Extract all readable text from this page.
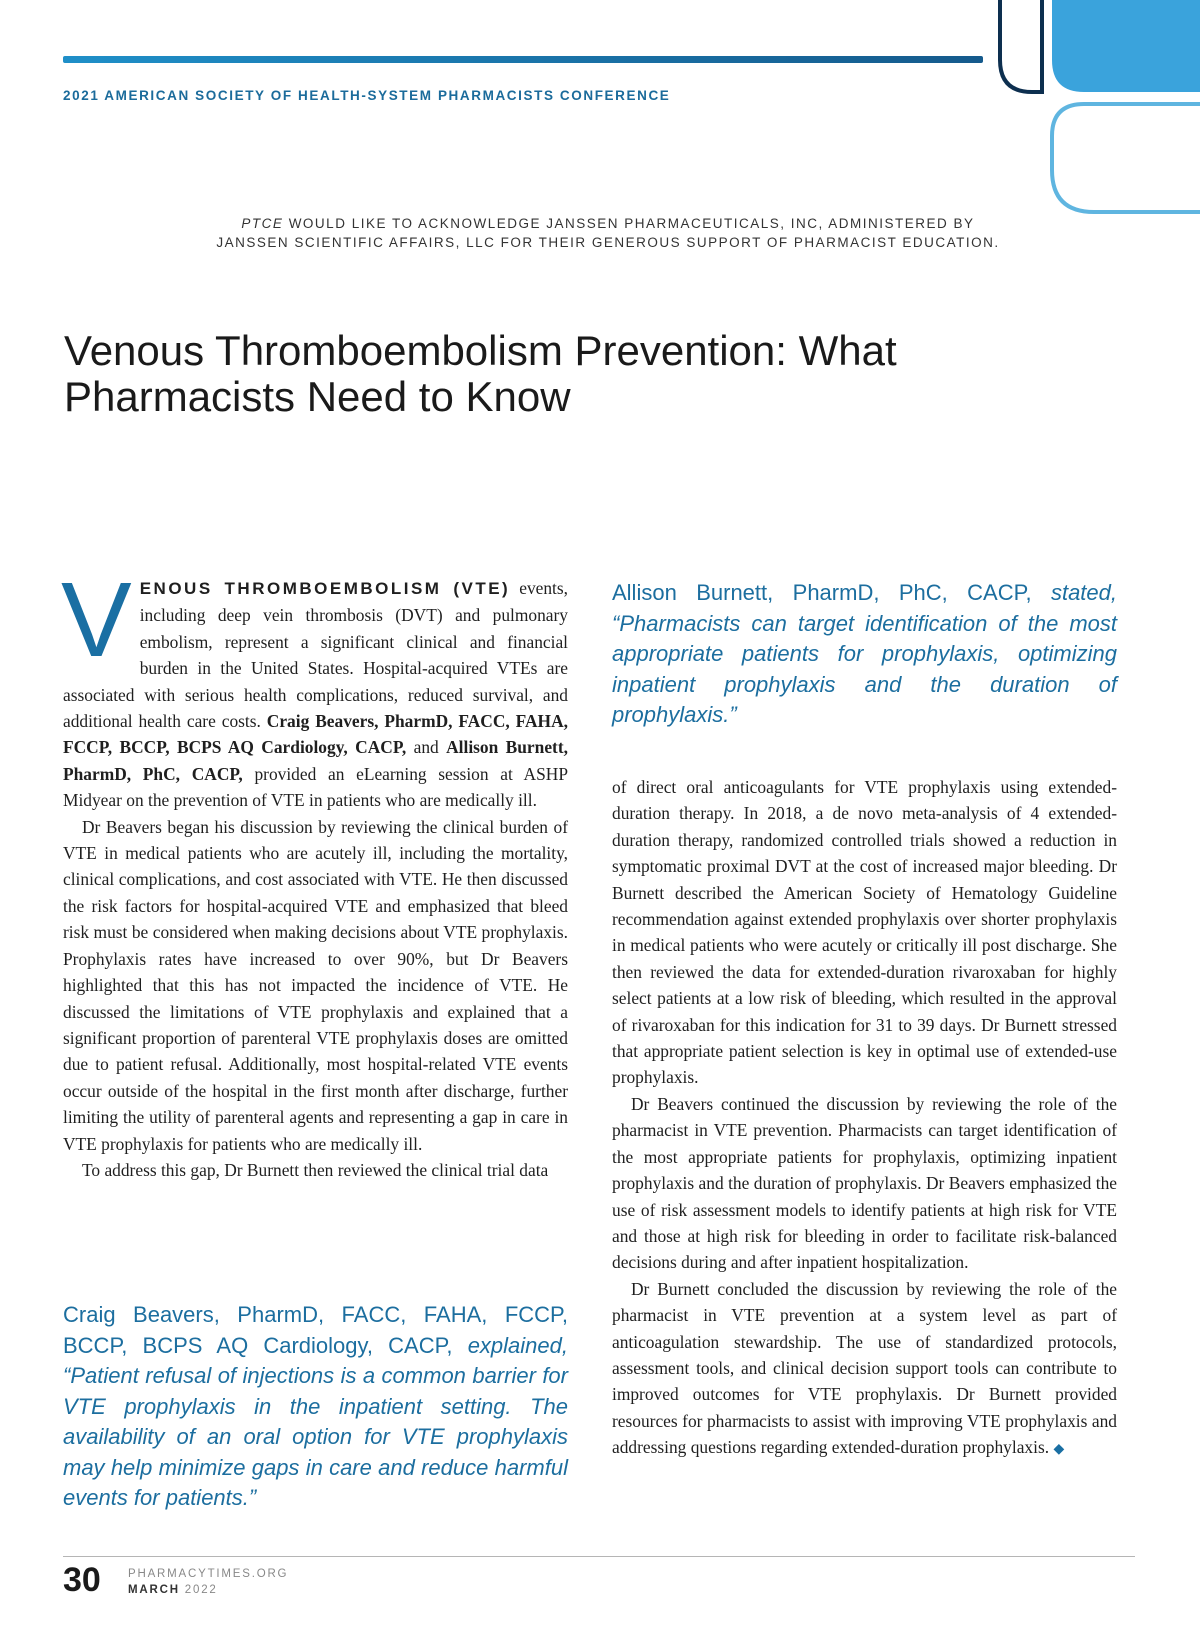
2021 AMERICAN SOCIETY OF HEALTH-SYSTEM PHARMACISTS CONFERENCE
PTCE WOULD LIKE TO ACKNOWLEDGE JANSSEN PHARMACEUTICALS, INC, ADMINISTERED BY
JANSSEN SCIENTIFIC AFFAIRS, LLC FOR THEIR GENEROUS SUPPORT OF PHARMACIST EDUCATION.
Venous Thromboembolism Prevention: What Pharmacists Need to Know

VENOUS THROMBOEMBOLISM (VTE) events, including deep vein thrombosis (DVT) and pulmonary embolism, represent a significant clinical and financial burden in the United States. Hospital-acquired VTEs are associated with serious health complications, reduced survival, and additional health care costs. Craig Beavers, PharmD, FACC, FAHA, FCCP, BCCP, BCPS AQ Cardiology, CACP, and Allison Burnett, PharmD, PhC, CACP, provided an eLearning session at ASHP Midyear on the prevention of VTE in patients who are medically ill.

Dr Beavers began his discussion by reviewing the clinical burden of VTE in medical patients who are acutely ill, including the mortality, clinical complications, and cost associated with VTE. He then discussed the risk factors for hospital-acquired VTE and emphasized that bleed risk must be considered when making decisions about VTE prophylaxis. Prophylaxis rates have increased to over 90%, but Dr Beavers highlighted that this has not impacted the incidence of VTE. He discussed the limitations of VTE prophylaxis and explained that a significant proportion of parenteral VTE prophylaxis doses are omitted due to patient refusal. Additionally, most hospital-related VTE events occur outside of the hospital in the first month after discharge, further limiting the utility of parenteral agents and representing a gap in care in VTE prophylaxis for patients who are medically ill.

To address this gap, Dr Burnett then reviewed the clinical trial data

Craig Beavers, PharmD, FACC, FAHA, FCCP, BCCP, BCPS AQ Cardiology, CACP, explained, “Patient refusal of injections is a common barrier for VTE prophylaxis in the inpatient setting. The availability of an oral option for VTE prophylaxis may help minimize gaps in care and reduce harmful events for patients.”
Allison Burnett, PharmD, PhC, CACP, stated, “Pharmacists can target identification of the most appropriate patients for prophylaxis, optimizing inpatient prophylaxis and the duration of prophylaxis.”

of direct oral anticoagulants for VTE prophylaxis using extended-duration therapy. In 2018, a de novo meta-analysis of 4 extended-duration therapy, randomized controlled trials showed a reduction in symptomatic proximal DVT at the cost of increased major bleeding. Dr Burnett described the American Society of Hematology Guideline recommendation against extended prophylaxis over shorter prophylaxis in medical patients who were acutely or critically ill post discharge. She then reviewed the data for extended-duration rivaroxaban for highly select patients at a low risk of bleeding, which resulted in the approval of rivaroxaban for this indication for 31 to 39 days. Dr Burnett stressed that appropriate patient selection is key in optimal use of extended-use prophylaxis.

Dr Beavers continued the discussion by reviewing the role of the pharmacist in VTE prevention. Pharmacists can target identification of the most appropriate patients for prophylaxis, optimizing inpatient prophylaxis and the duration of prophylaxis. Dr Beavers emphasized the use of risk assessment models to identify patients at high risk for VTE and those at high risk for bleeding in order to facilitate risk-balanced decisions during and after inpatient hospitalization.

Dr Burnett concluded the discussion by reviewing the role of the pharmacist in VTE prevention at a system level as part of anticoagulation stewardship. The use of standardized protocols, assessment tools, and clinical decision support tools can contribute to improved outcomes for VTE prophylaxis. Dr Burnett provided resources for pharmacists to assist with improving VTE prophylaxis and addressing questions regarding extended-duration prophylaxis. ◆

30 PHARMACYTIMES.ORG
MARCH 2022
